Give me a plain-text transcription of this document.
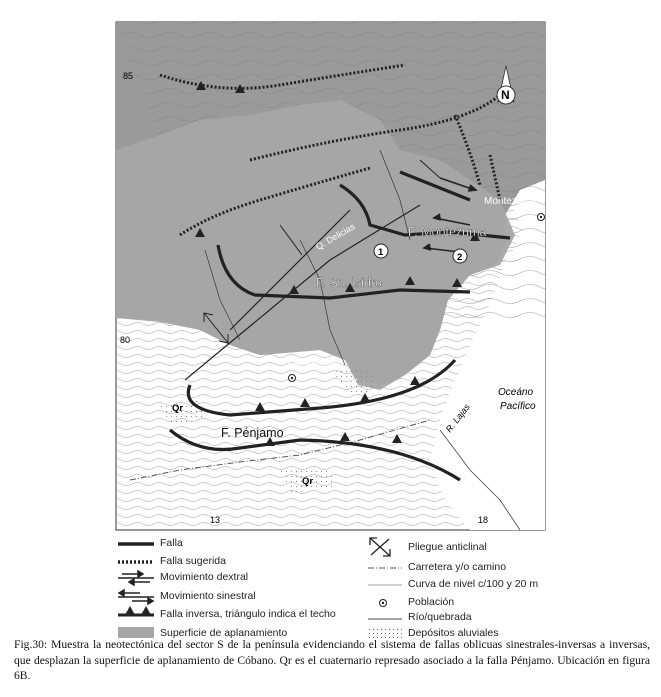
85
80
13	18
N
F. Montezuma
F. Sn. Isidro
F. Pénjamo
Montezuma
Rio Enmedio
Q. Delicias
R. Lajas
Oceáno
Pacífico
Qr
Qr
Qr
1	2
Falla
Falla sugerida
Movimiento dextral
Movimiento sinestral
Falla inversa, triángulo indica el techo
Superficie de aplanamiento
Pliegue anticlinal
Carretera y/o camino
Curva de nivel c/100 y 20 m
Población
Río/quebrada
Depósitos aluviales
Fig.30: Muestra la neotectónica del sector S de la península evidenciando el sistema de fallas oblicuas sinestrales-inversas a inversas, que desplazan la superficie de aplanamiento de Cóbano. Qr es el cuaternario represado asociado a la falla Pénjamo. Ubicación en figura 6B.
